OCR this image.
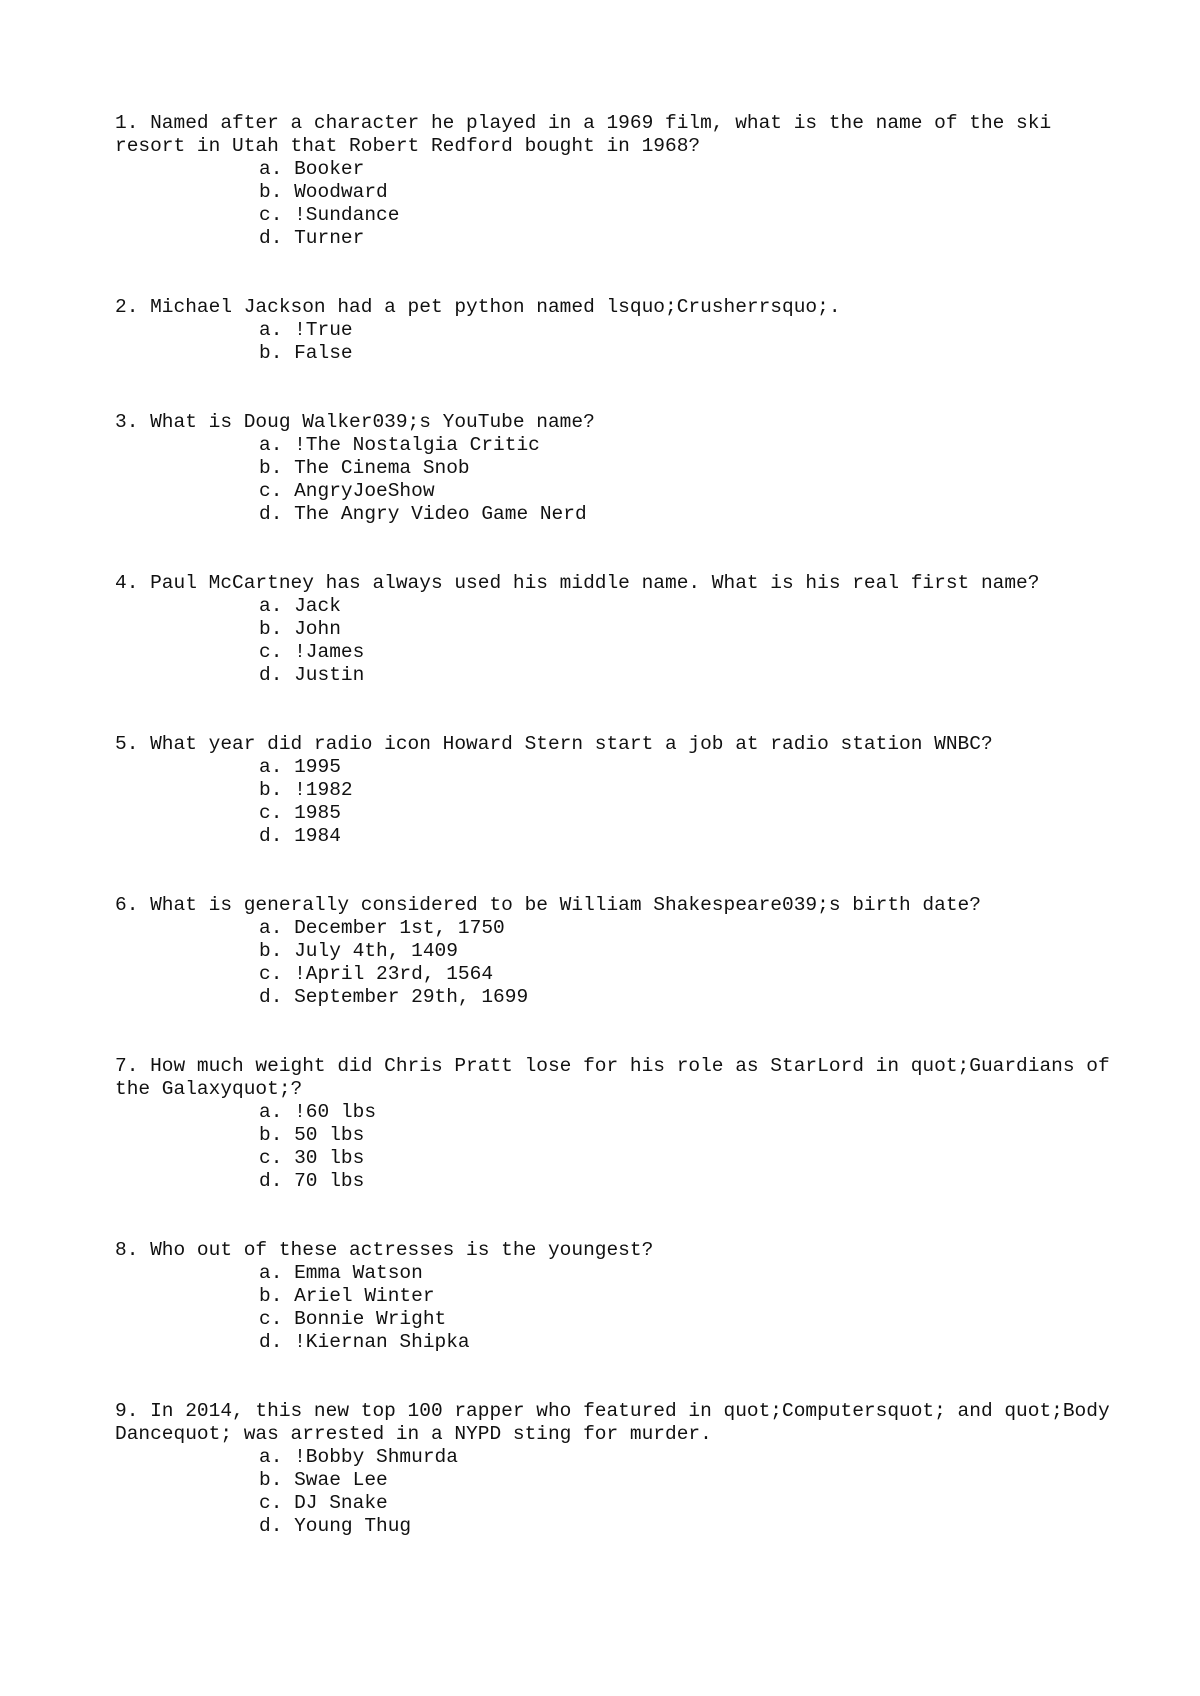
1. Named after a character he played in a 1969 film, what is the name of the ski resort in Utah that Robert Redford bought in 1968?

a. Booker
b. Woodward
c. !Sundance
d. Turner

2. Michael Jackson had a pet python named lsquo;Crusherrsquo;.

a. !True
b. False

3. What is Doug Walker039;s YouTube name?

a. !The Nostalgia Critic
b. The Cinema Snob
c. AngryJoeShow
d. The Angry Video Game Nerd

4. Paul McCartney has always used his middle name. What is his real first name?

a. Jack
b. John
c. !James
d. Justin

5. What year did radio icon Howard Stern start a job at radio station WNBC?

a. 1995
b. !1982
c. 1985
d. 1984

6. What is generally considered to be William Shakespeare039;s birth date?

a. December 1st, 1750
b. July 4th, 1409
c. !April 23rd, 1564
d. September 29th, 1699

7. How much weight did Chris Pratt lose for his role as StarLord in quot;Guardians of the Galaxyquot;?

a. !60 lbs
b. 50 lbs
c. 30 lbs
d. 70 lbs

8. Who out of these actresses is the youngest?

a. Emma Watson
b. Ariel Winter
c. Bonnie Wright
d. !Kiernan Shipka

9. In 2014, this new top 100 rapper who featured in quot;Computersquot; and quot;Body Dancequot; was arrested in a NYPD sting for murder.

a. !Bobby Shmurda
b. Swae Lee
c. DJ Snake
d. Young Thug
